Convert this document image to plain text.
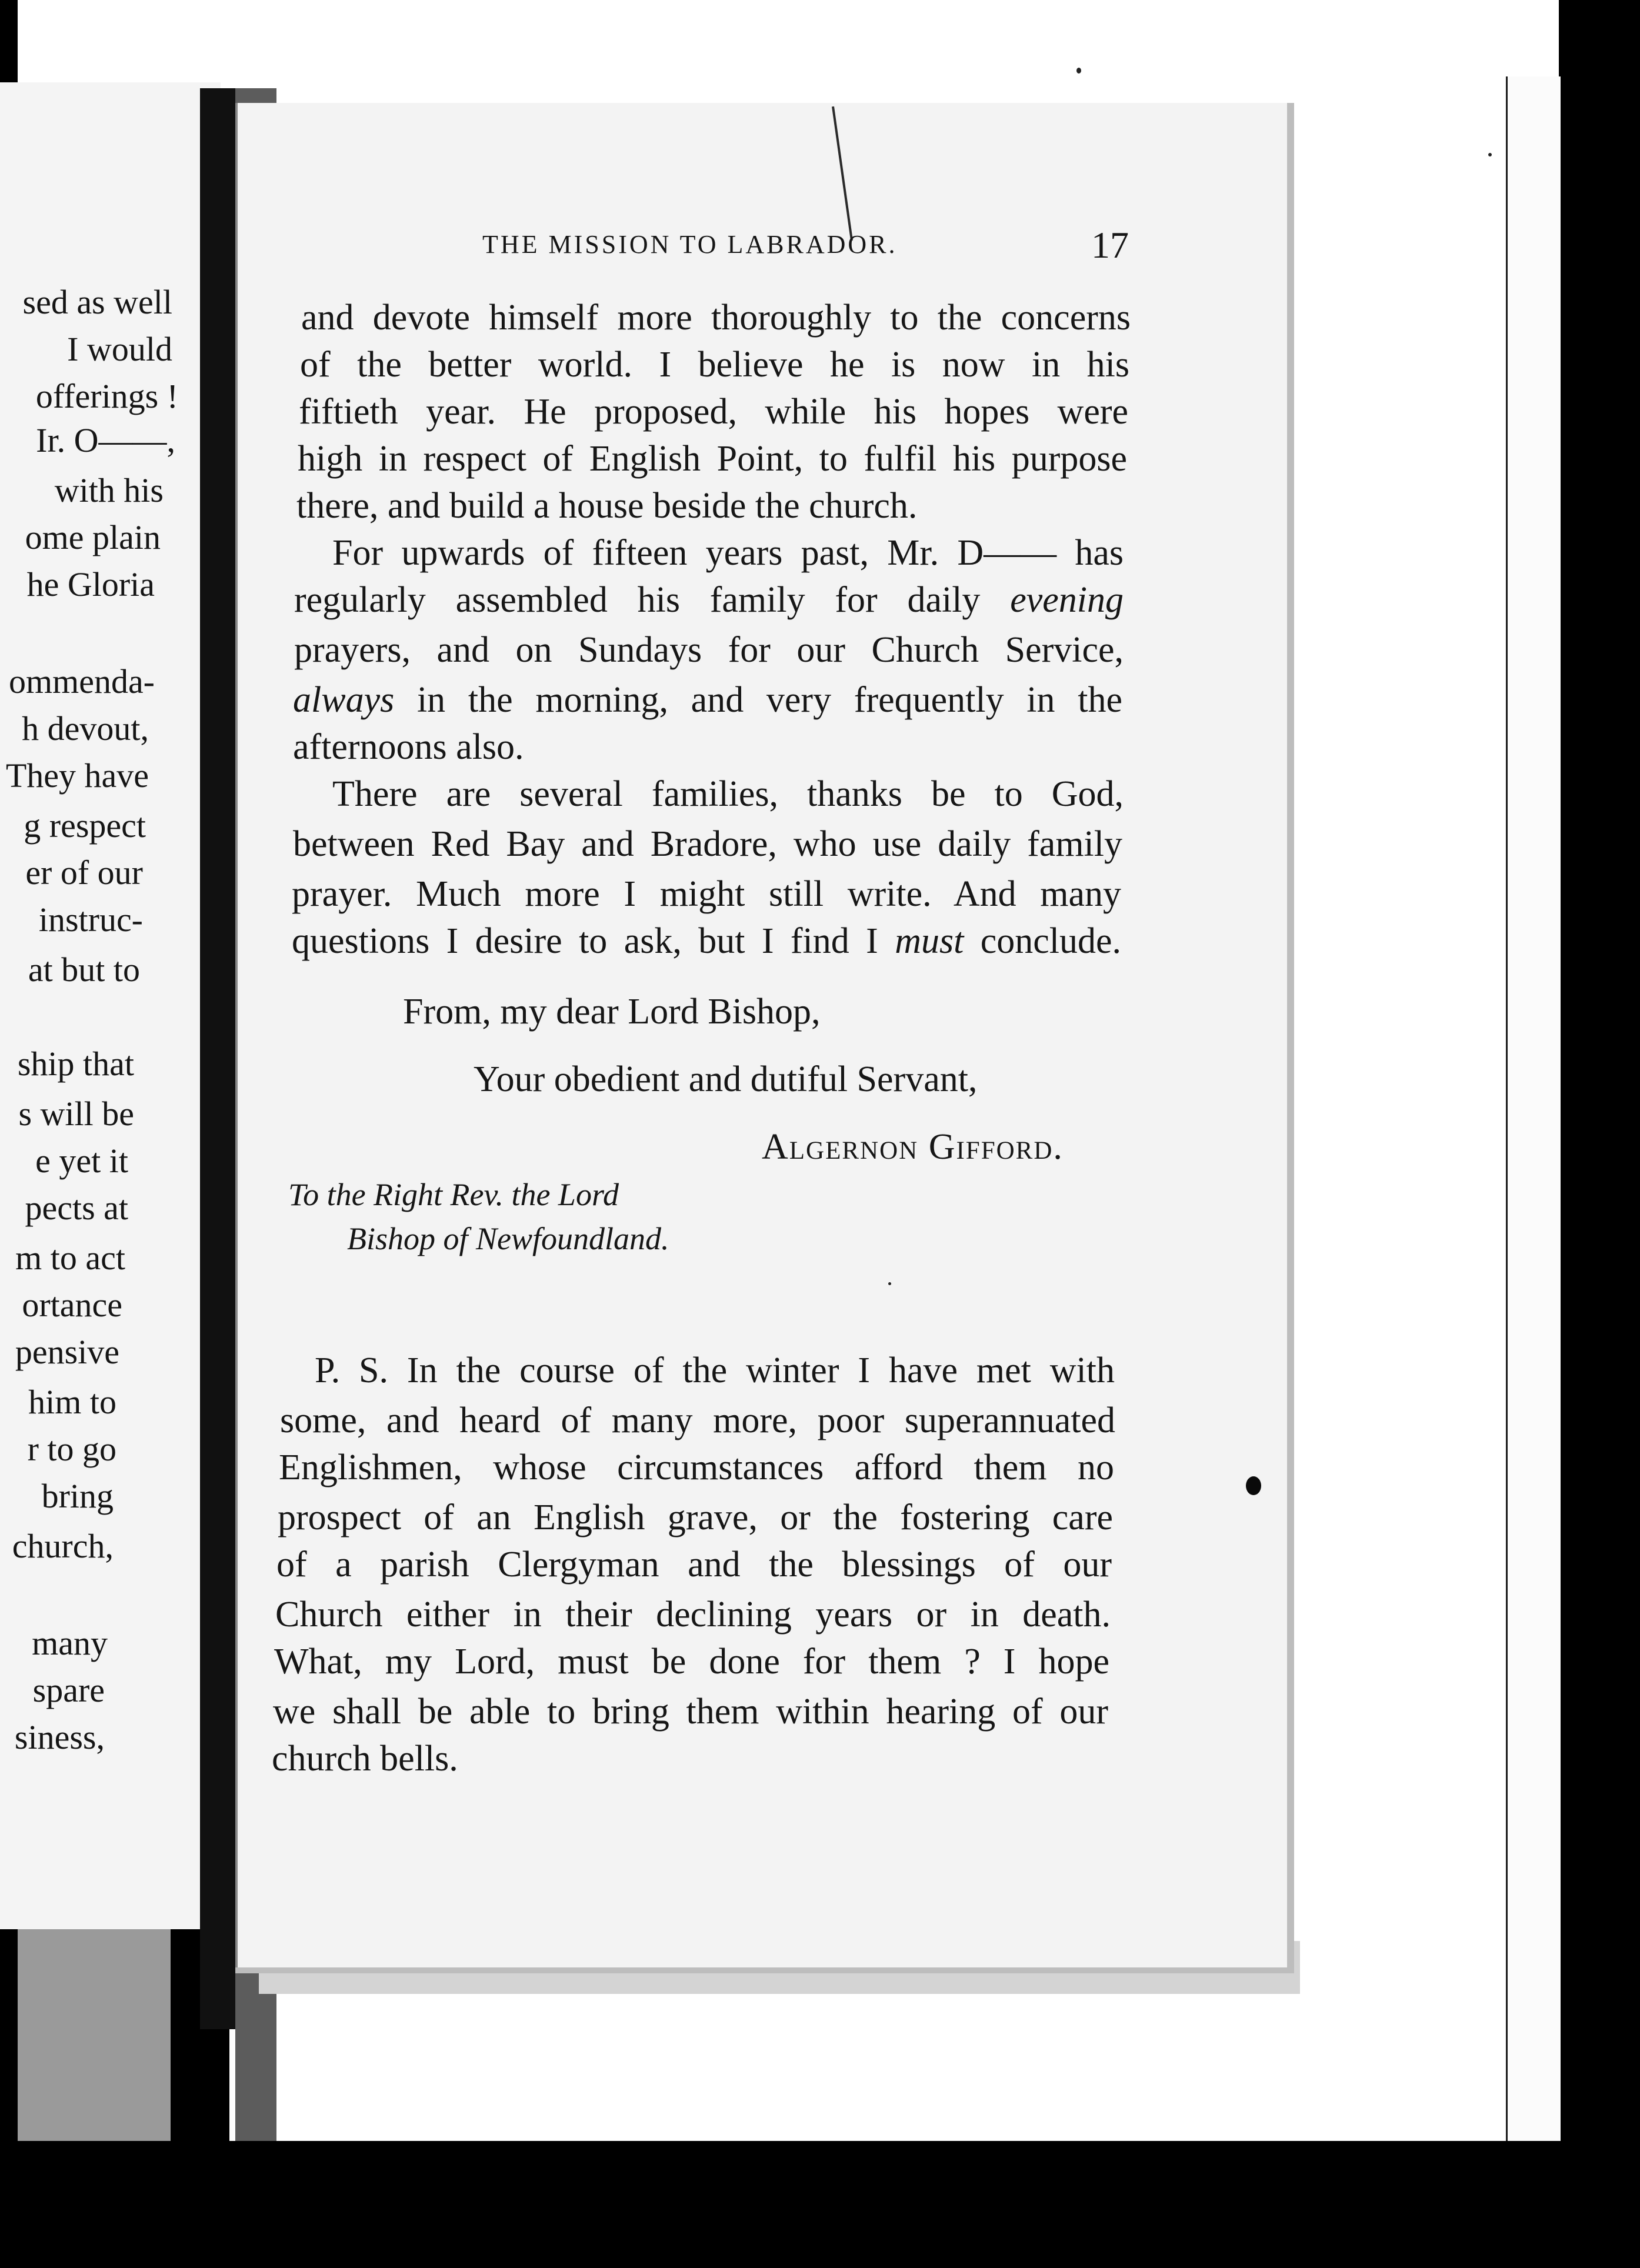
sed as well

I would

offerings !

Ir. O——,

with his

ome plain

he Gloria

ommenda-

h devout,

They have

g respect

er of our

instruc-

at but to

ship that

s will be

e yet it

pects at

m to act

ortance

pensive

him to

r to go

bring

church,

many

spare

siness,

THE MISSION TO LABRADOR.	17

and devote himself more thoroughly to the concerns

of the better world. I believe he is now in his

fiftieth year. He proposed, while his hopes were

high in respect of English Point, to fulfil his purpose

there, and build a house beside the church.

For upwards of fifteen years past, Mr. D—— has

regularly assembled his family for daily evening

prayers, and on Sundays for our Church Service,

always in the morning, and very frequently in the

afternoons also.

There are several families, thanks be to God,

between Red Bay and Bradore, who use daily family

prayer. Much more I might still write. And many

questions I desire to ask, but I find I must conclude.

From, my dear Lord Bishop,

Your obedient and dutiful Servant,

Algernon Gifford.

To the Right Rev. the Lord

Bishop of Newfoundland.

P. S. In the course of the winter I have met with

some, and heard of many more, poor superannuated

Englishmen, whose circumstances afford them no

prospect of an English grave, or the fostering care

of a parish Clergyman and the blessings of our

Church either in their declining years or in death.

What, my Lord, must be done for them ? I hope

we shall be able to bring them within hearing of our

church bells.
